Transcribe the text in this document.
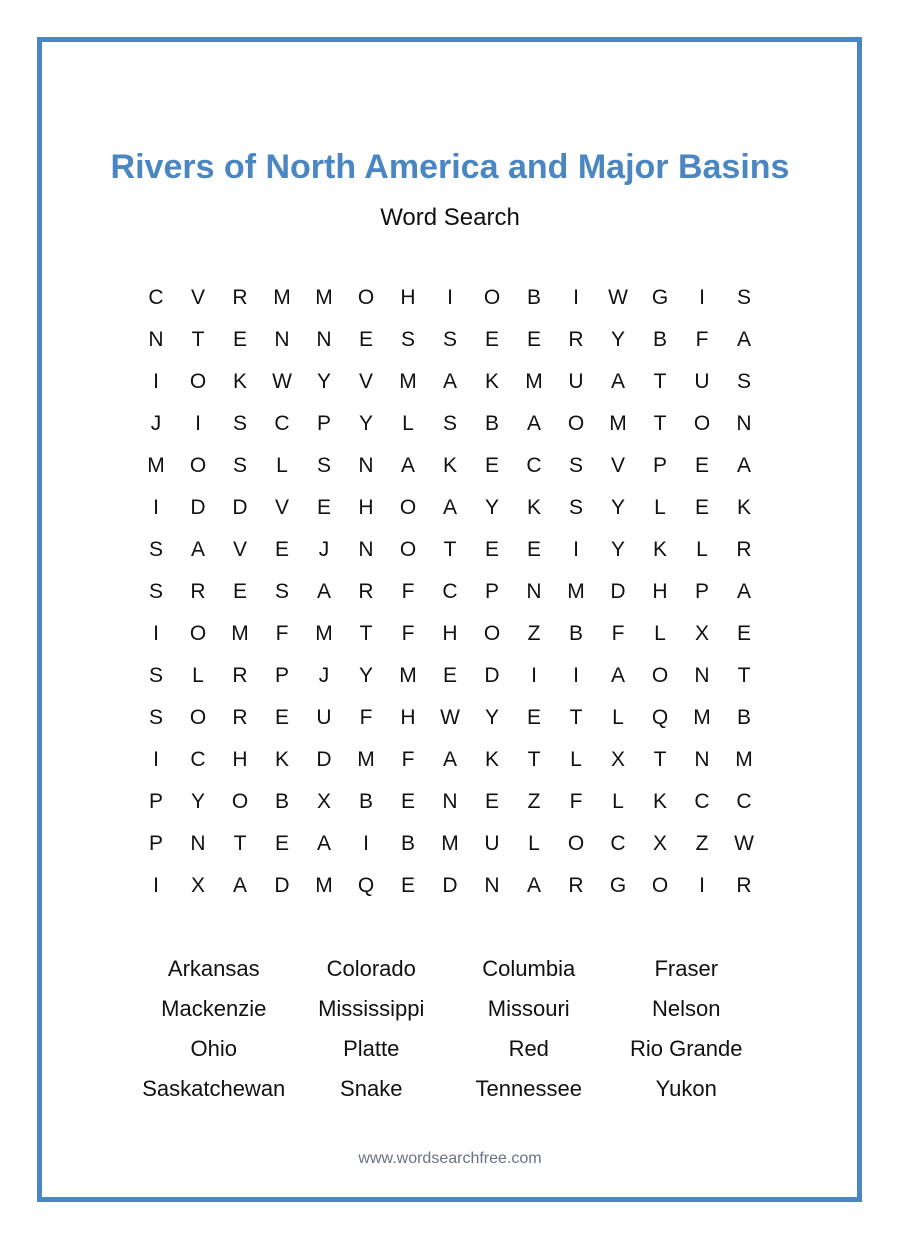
Rivers of North America and Major Basins
Word Search
C	V	R	M	M	O	H	I	O	B	I	W	G	I	S
N	T	E	N	N	E	S	S	E	E	R	Y	B	F	A
I	O	K	W	Y	V	M	A	K	M	U	A	T	U	S
J	I	S	C	P	Y	L	S	B	A	O	M	T	O	N
M	O	S	L	S	N	A	K	E	C	S	V	P	E	A
I	D	D	V	E	H	O	A	Y	K	S	Y	L	E	K
S	A	V	E	J	N	O	T	E	E	I	Y	K	L	R
S	R	E	S	A	R	F	C	P	N	M	D	H	P	A
I	O	M	F	M	T	F	H	O	Z	B	F	L	X	E
S	L	R	P	J	Y	M	E	D	I	I	A	O	N	T
S	O	R	E	U	F	H	W	Y	E	T	L	Q	M	B
I	C	H	K	D	M	F	A	K	T	L	X	T	N	M
P	Y	O	B	X	B	E	N	E	Z	F	L	K	C	C
P	N	T	E	A	I	B	M	U	L	O	C	X	Z	W
I	X	A	D	M	Q	E	D	N	A	R	G	O	I	R
Arkansas	Colorado	Columbia	Fraser
Mackenzie	Mississippi	Missouri	Nelson
Ohio	Platte	Red	Rio Grande
Saskatchewan	Snake	Tennessee	Yukon
www.wordsearchfree.com
